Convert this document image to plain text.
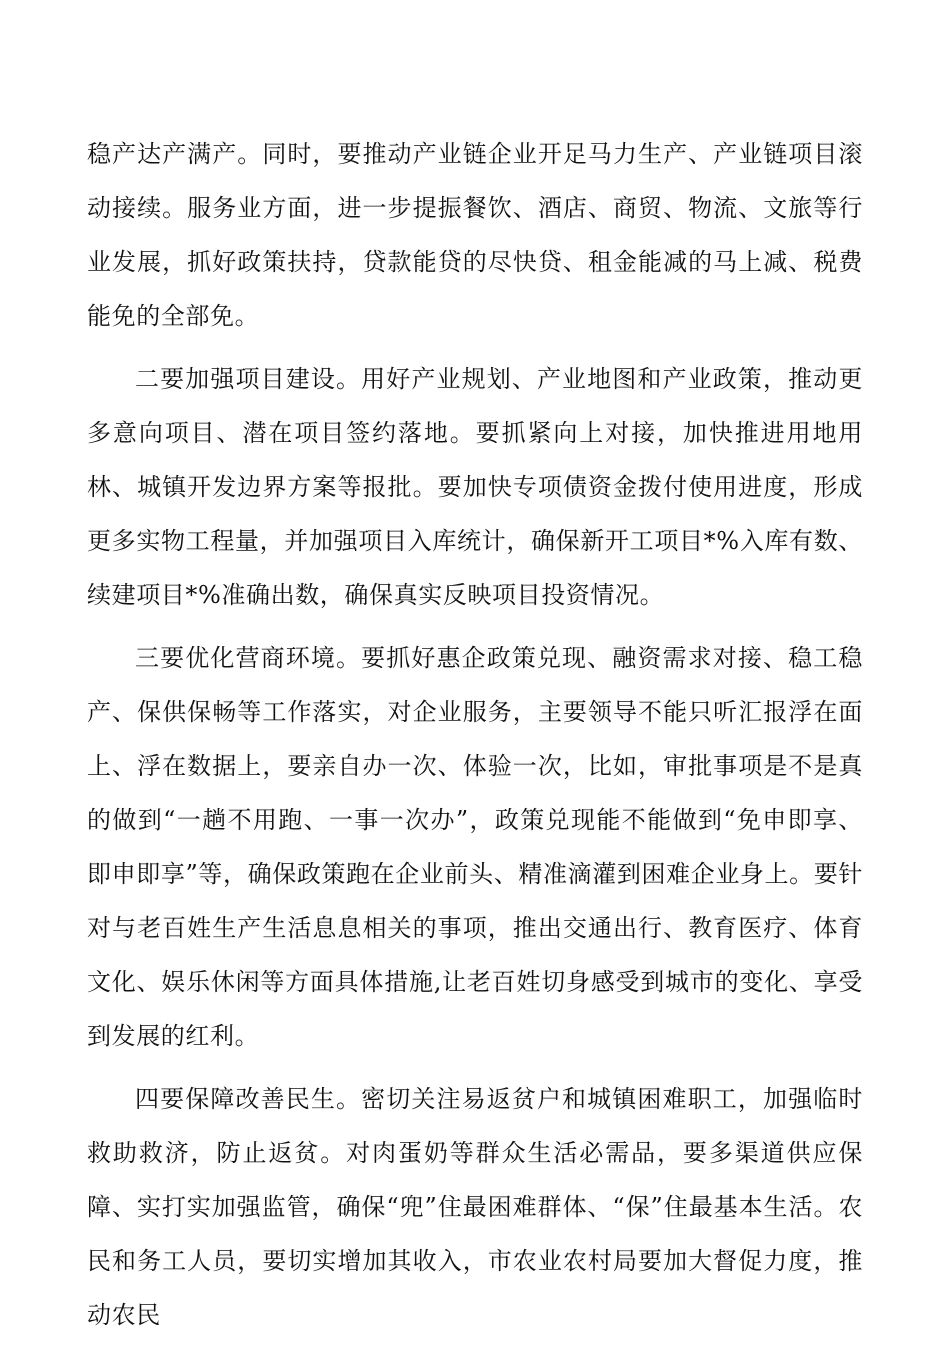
稳产达产满产。同时，要推动产业链企业开足马力生产、产业链项目滚动接续。服务业方面，进一步提振餐饮、酒店、商贸、物流、文旅等行业发展，抓好政策扶持，贷款能贷的尽快贷、租金能减的马上减、税费能免的全部免。

二要加强项目建设。用好产业规划、产业地图和产业政策，推动更多意向项目、潜在项目签约落地。要抓紧向上对接，加快推进用地用林、城镇开发边界方案等报批。要加快专项债资金拨付使用进度，形成更多实物工程量，并加强项目入库统计，确保新开工项目*%入库有数、续建项目*%准确出数，确保真实反映项目投资情况。

三要优化营商环境。要抓好惠企政策兑现、融资需求对接、稳工稳产、保供保畅等工作落实，对企业服务，主要领导不能只听汇报浮在面上、浮在数据上，要亲自办一次、体验一次，比如，审批事项是不是真的做到“一趟不用跑、一事一次办”，政策兑现能不能做到“免申即享、即申即享”等，确保政策跑在企业前头、精准滴灌到困难企业身上。要针对与老百姓生产生活息息相关的事项，推出交通出行、教育医疗、体育文化、娱乐休闲等方面具体措施,让老百姓切身感受到城市的变化、享受到发展的红利。

四要保障改善民生。密切关注易返贫户和城镇困难职工，加强临时救助救济，防止返贫。对肉蛋奶等群众生活必需品，要多渠道供应保障、实打实加强监管，确保“兜”住最困难群体、“保”住最基本生活。农民和务工人员，要切实增加其收入，市农业农村局要加大督促力度，推动农民
